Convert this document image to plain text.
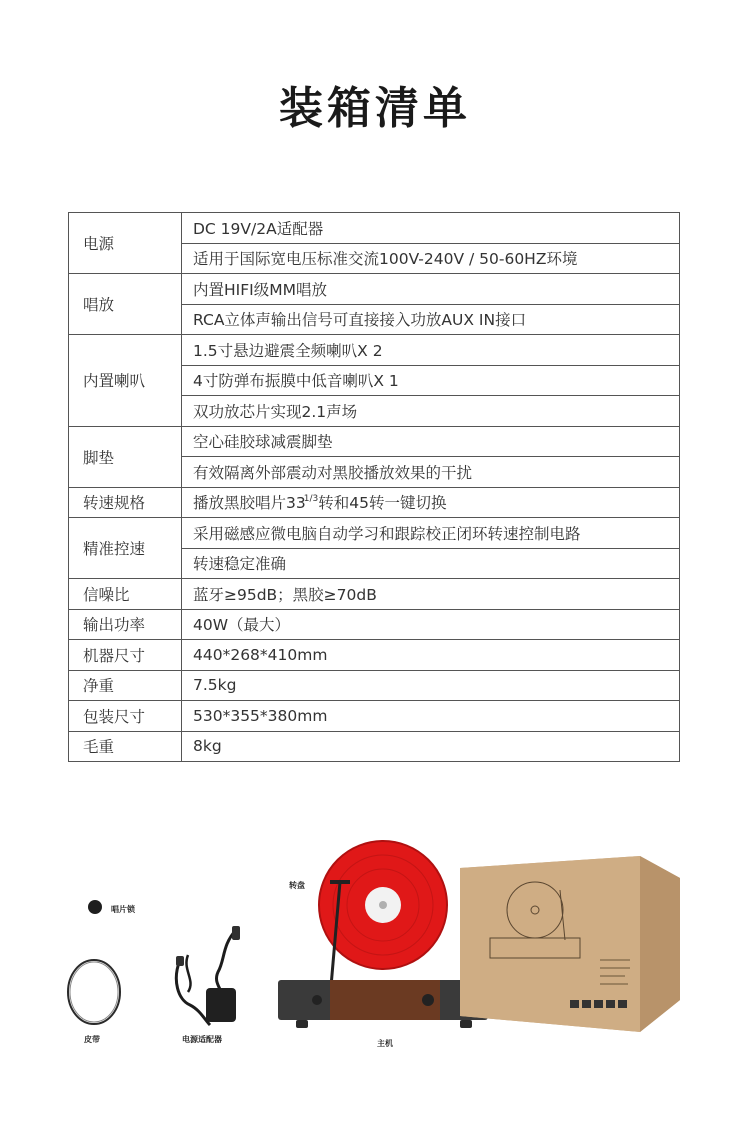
装箱清单
电源	DC 19V/2A适配器
	适用于国际宽电压标准交流100V-240V / 50-60HZ环境
唱放	内置HIFI级MM唱放
	RCA立体声输出信号可直接接入功放AUX IN接口
内置喇叭	1.5寸悬边避震全频喇叭X 2
	4寸防弹布振膜中低音喇叭X 1
	双功放芯片实现2.1声场
脚垫	空心硅胶球减震脚垫
	有效隔离外部震动对黑胶播放效果的干扰
转速规格	播放黑胶唱片$33^{1/3}$转和45转一键切换
精准控速	采用磁感应微电脑自动学习和跟踪校正闭环转速控制电路
	转速稳定准确
信噪比	蓝牙≥95dB；黑胶≥70dB
输出功率	40W（最大）
机器尺寸	440*268*410mm
净重	7.5kg
包装尺寸	530*355*380mm
毛重	8kg
唱片锁
皮带	电源适配器
转盘
主机
